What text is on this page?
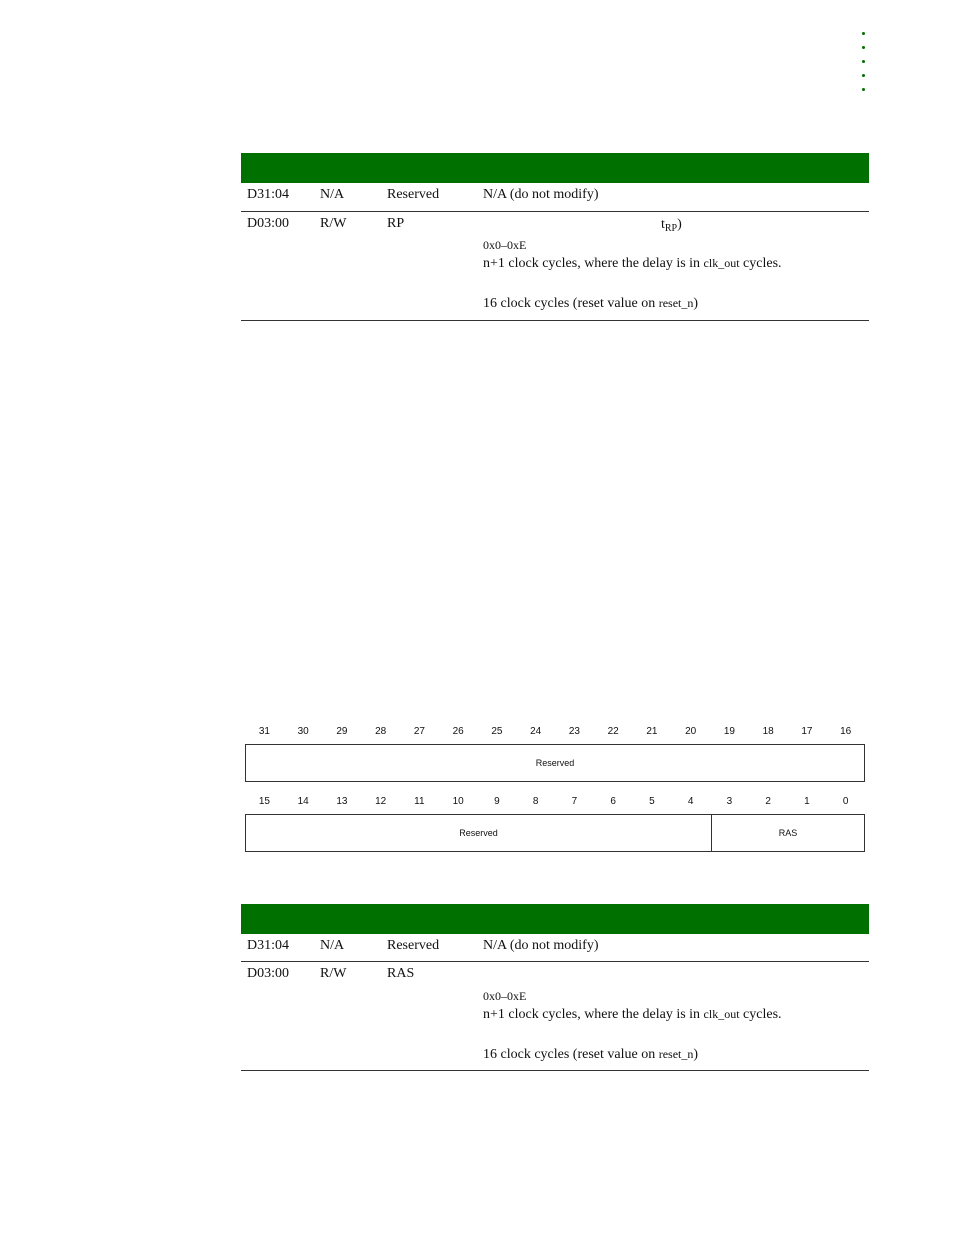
D31:04 N/A	Reserved	N/A (do not modify)
D03:00 R/W	RP	$t_{RP}$)
0x0–0xE
n+1 clock cycles, where the delay is in clk_out cycles.
16 clock cycles (reset value on reset_n)
31	30	29	28	27	26	25	24	23	22	21	20	19	18	17	16
Reserved
15	14	13	12	11	10	9	8	7	6	5	4	3	2	1	0
Reserved	RAS
D31:04 N/A	Reserved	N/A (do not modify)
D03:00 R/W	RAS
0x0–0xE
n+1 clock cycles, where the delay is in clk_out cycles.
16 clock cycles (reset value on reset_n)
